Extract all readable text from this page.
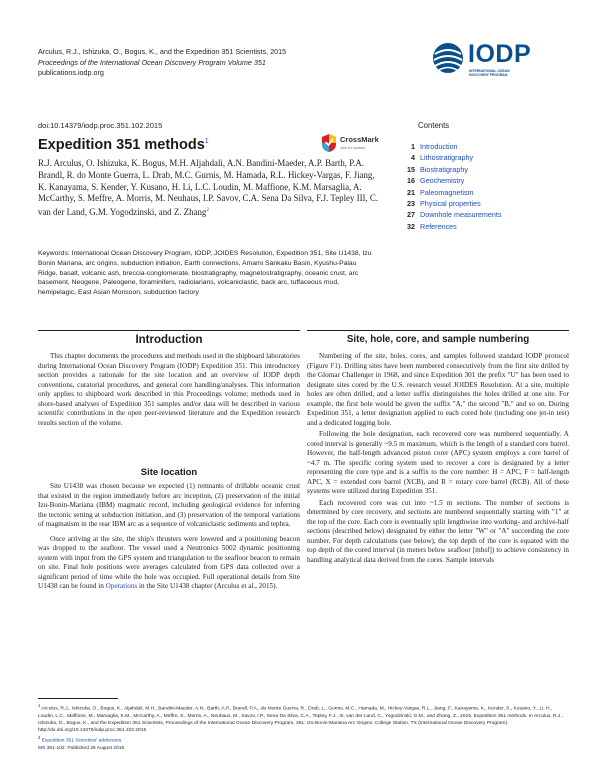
Arculus, R.J., Ishizuka, O., Bogus, K., and the Expedition 351 Scientists, 2015
Proceedings of the International Ocean Discovery Program Volume 351
publications.iodp.org
IODP
INTERNATIONAL OCEAN
DISCOVERY PROGRAM
doi:10.14379/iodp.proc.351.102.2015
Expedition 351 methods$^1$	CrossMark
click for updates
R.J. Arculus, O. Ishizuka, K. Bogus, M.H. Aljahdali, A.N. Bandini-Maeder, A.P. Barth, P.A. Brandl, R. do Monte Guerra, L. Drab, M.C. Gurnis, M. Hamada, R.L. Hickey-Vargas, F. Jiang, K. Kanayama, S. Kender, Y. Kusano, H. Li, L.C. Loudin, M. Maffione, K.M. Marsaglia, A. McCarthy, S. Meffre, A. Morris, M. Neuhaus, I.P. Savov, C.A. Sena Da Silva, F.J. Tepley III, C. van der Land, G.M. Yogodzinski, and Z. Zhang$^2$
Contents
1 Introduction
4 Lithostratigraphy
15 Biostratigraphy
16 Geochemistry
21 Paleomagnetism
23 Physical properties
27 Downhole measurements
32 References
Keywords: International Ocean Discovery Program, IODP, JOIDES Resolution, Expedition 351, Site U1438, Izu Bonin Mariana, arc origins, subduction initiation, Earth connections, Amami Sankaku Basin, Kyushu-Palau Ridge, basalt, volcanic ash, breccia-conglomerate, biostratigraphy, magnetostratigraphy, oceanic crust, arc basement, Neogene, Paleogene, foraminifers, radiolarians, volcaniclastic, back arc, tuffaceous mud, hemipelagic, East Asian Monsoon, subduction factory
Introduction

This chapter documents the procedures and methods used in the shipboard laboratories during International Ocean Discovery Program (IODP) Expedition 351. This introductory section provides a rationale for the site location and an overview of IODP depth conventions, curatorial procedures, and general core handling/analyses. This information only applies to shipboard work described in this Proceedings volume; methods used in shore-based analyses of Expedition 351 samples and/or data will be described in various scientific contributions in the open peer-reviewed literature and the Expedition research results section of the volume.

Site location

Site U1438 was chosen because we expected (1) remnants of drillable oceanic crust that existed in the region immediately before arc inception, (2) preservation of the initial Izu-Bonin-Mariana (IBM) magmatic record, including geological evidence for inferring the tectonic setting at subduction initiation, and (3) preservation of the temporal variations of magmatism in the rear IBM arc as a sequence of volcaniclastic sediments and tephra.

Once arriving at the site, the ship's thrusters were lowered and a positioning beacon was dropped to the seafloor. The vessel used a Neutronics 5002 dynamic positioning system with input from the GPS system and triangulation to the seafloor beacon to remain on site. Final hole positions were averages calculated from GPS data collected over a significant period of time while the hole was occupied. Full operational details from Site U1438 can be found in Operations in the Site U1438 chapter (Arculus et al., 2015).

Site, hole, core, and sample numbering

Numbering of the site, holes, cores, and samples followed standard IODP protocol (Figure F1). Drilling sites have been numbered consecutively from the first site drilled by the Glomar Challenger in 1968, and since Expedition 301 the prefix "U" has been used to designate sites cored by the U.S. research vessel JOIDES Resolution. At a site, multiple holes are often drilled, and a letter suffix distinguishes the holes drilled at one site. For example, the first hole would be given the suffix "A," the second "B," and so on. During Expedition 351, a letter designation applied to each cored hole (including one jet-in test) and a dedicated logging hole.

Following the hole designation, each recovered core was numbered sequentially. A cored interval is generally ~9.5 m maximum, which is the length of a standard core barrel. However, the half-length advanced piston corer (APC) system employs a core barrel of ~4.7 m. The specific coring system used to recover a core is designated by a letter representing the core type and is a suffix to the core number: H = APC, F = half-length APC, X = extended core barrel (XCB), and R = rotary core barrel (RCB). All of these systems were utilized during Expedition 351.

Each recovered core was cut into ~1.5 m sections. The number of sections is determined by core recovery, and sections are numbered sequentially starting with "1" at the top of the core. Each core is eventually split lengthwise into working- and archive-half sections (described below) designated by either the letter "W" or "A" succeeding the core number. For depth calculations (see below), the top depth of the core is equated with the top depth of the cored interval (in meters below seafloor [mbsf]) to achieve consistency in handling analytical data derived from the cores. Sample intervals

$^1$ Arculus, R.J., Ishizuka, O., Bogus, K., Aljahdali, M.H., Bandini-Maeder, A.N., Barth, A.P., Brandl, P.A., do Monte Guerra, R., Drab, L., Gurnis, M.C., Hamada, M., Hickey-Vargas, R.L., Jiang, F., Kanayama, K., Kender, S., Kusano, Y., Li, H., Loudin, L.C., Maffione, M., Marsaglia, K.M., McCarthy, A., Meffre, S., Morris, A., Neuhaus, M., Savov, I.P., Sena Da Silva, C.A., Tepley, F.J., III, van der Land, C., Yogodzinski, G.M., and Zhang, Z., 2015. Expedition 351 methods. In Arculus, R.J., Ishizuka, O., Bogus, K., and the Expedition 351 Scientists, Proceedings of the International Ocean Discovery Program, 351: Izu-Bonin-Mariana Arc Origins: College Station, TX (International Ocean Discovery Program). http://dx.doi.org/10.14379/iodp.proc.351.102.2015
$^2$ Expedition 351 Scientists' addresses.
MS 351-102: Published 25 August 2015
